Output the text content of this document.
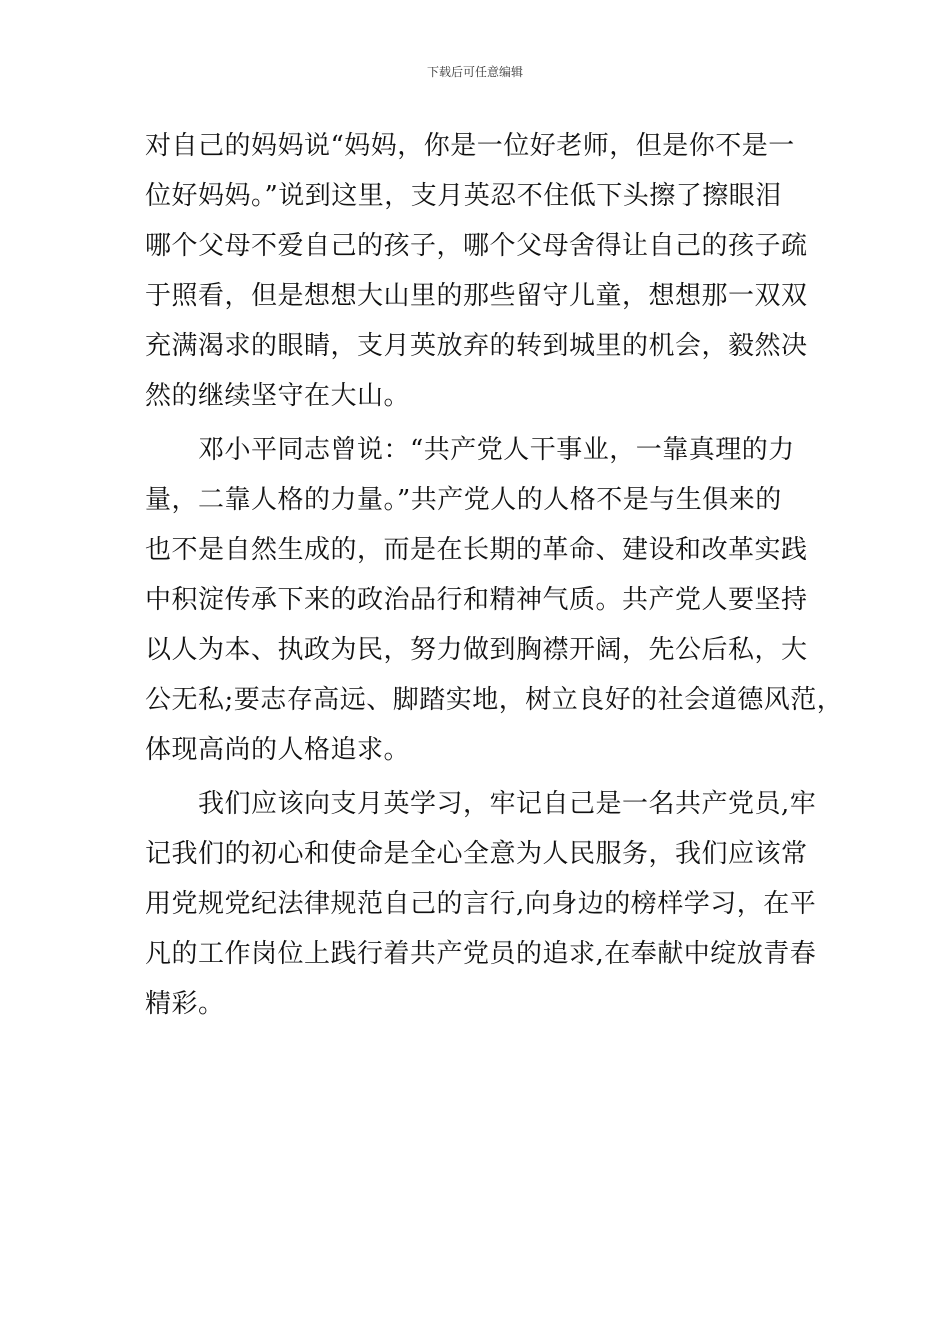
下载后可任意编辑
对自己的妈妈说“妈妈，你是一位好老师，但是你不是一
位好妈妈。”说到这里，支月英忍不住低下头擦了擦眼泪
哪个父母不爱自己的孩子，哪个父母舍得让自己的孩子疏
于照看，但是想想大山里的那些留守儿童，想想那一双双
充满渴求的眼睛，支月英放弃的转到城里的机会，毅然决
然的继续坚守在大山。
　　邓小平同志曾说：“共产党人干事业，一靠真理的力
量，二靠人格的力量。”共产党人的人格不是与生俱来的
也不是自然生成的，而是在长期的革命、建设和改革实践
中积淀传承下来的政治品行和精神气质。共产党人要坚持
以人为本、执政为民，努力做到胸襟开阔，先公后私，大
公无私;要志存高远、脚踏实地，树立良好的社会道德风范，
体现高尚的人格追求。
　　我们应该向支月英学习，牢记自己是一名共产党员,牢
记我们的初心和使命是全心全意为人民服务，我们应该常
用党规党纪法律规范自己的言行,向身边的榜样学习，在平
凡的工作岗位上践行着共产党员的追求,在奉献中绽放青春
精彩。
